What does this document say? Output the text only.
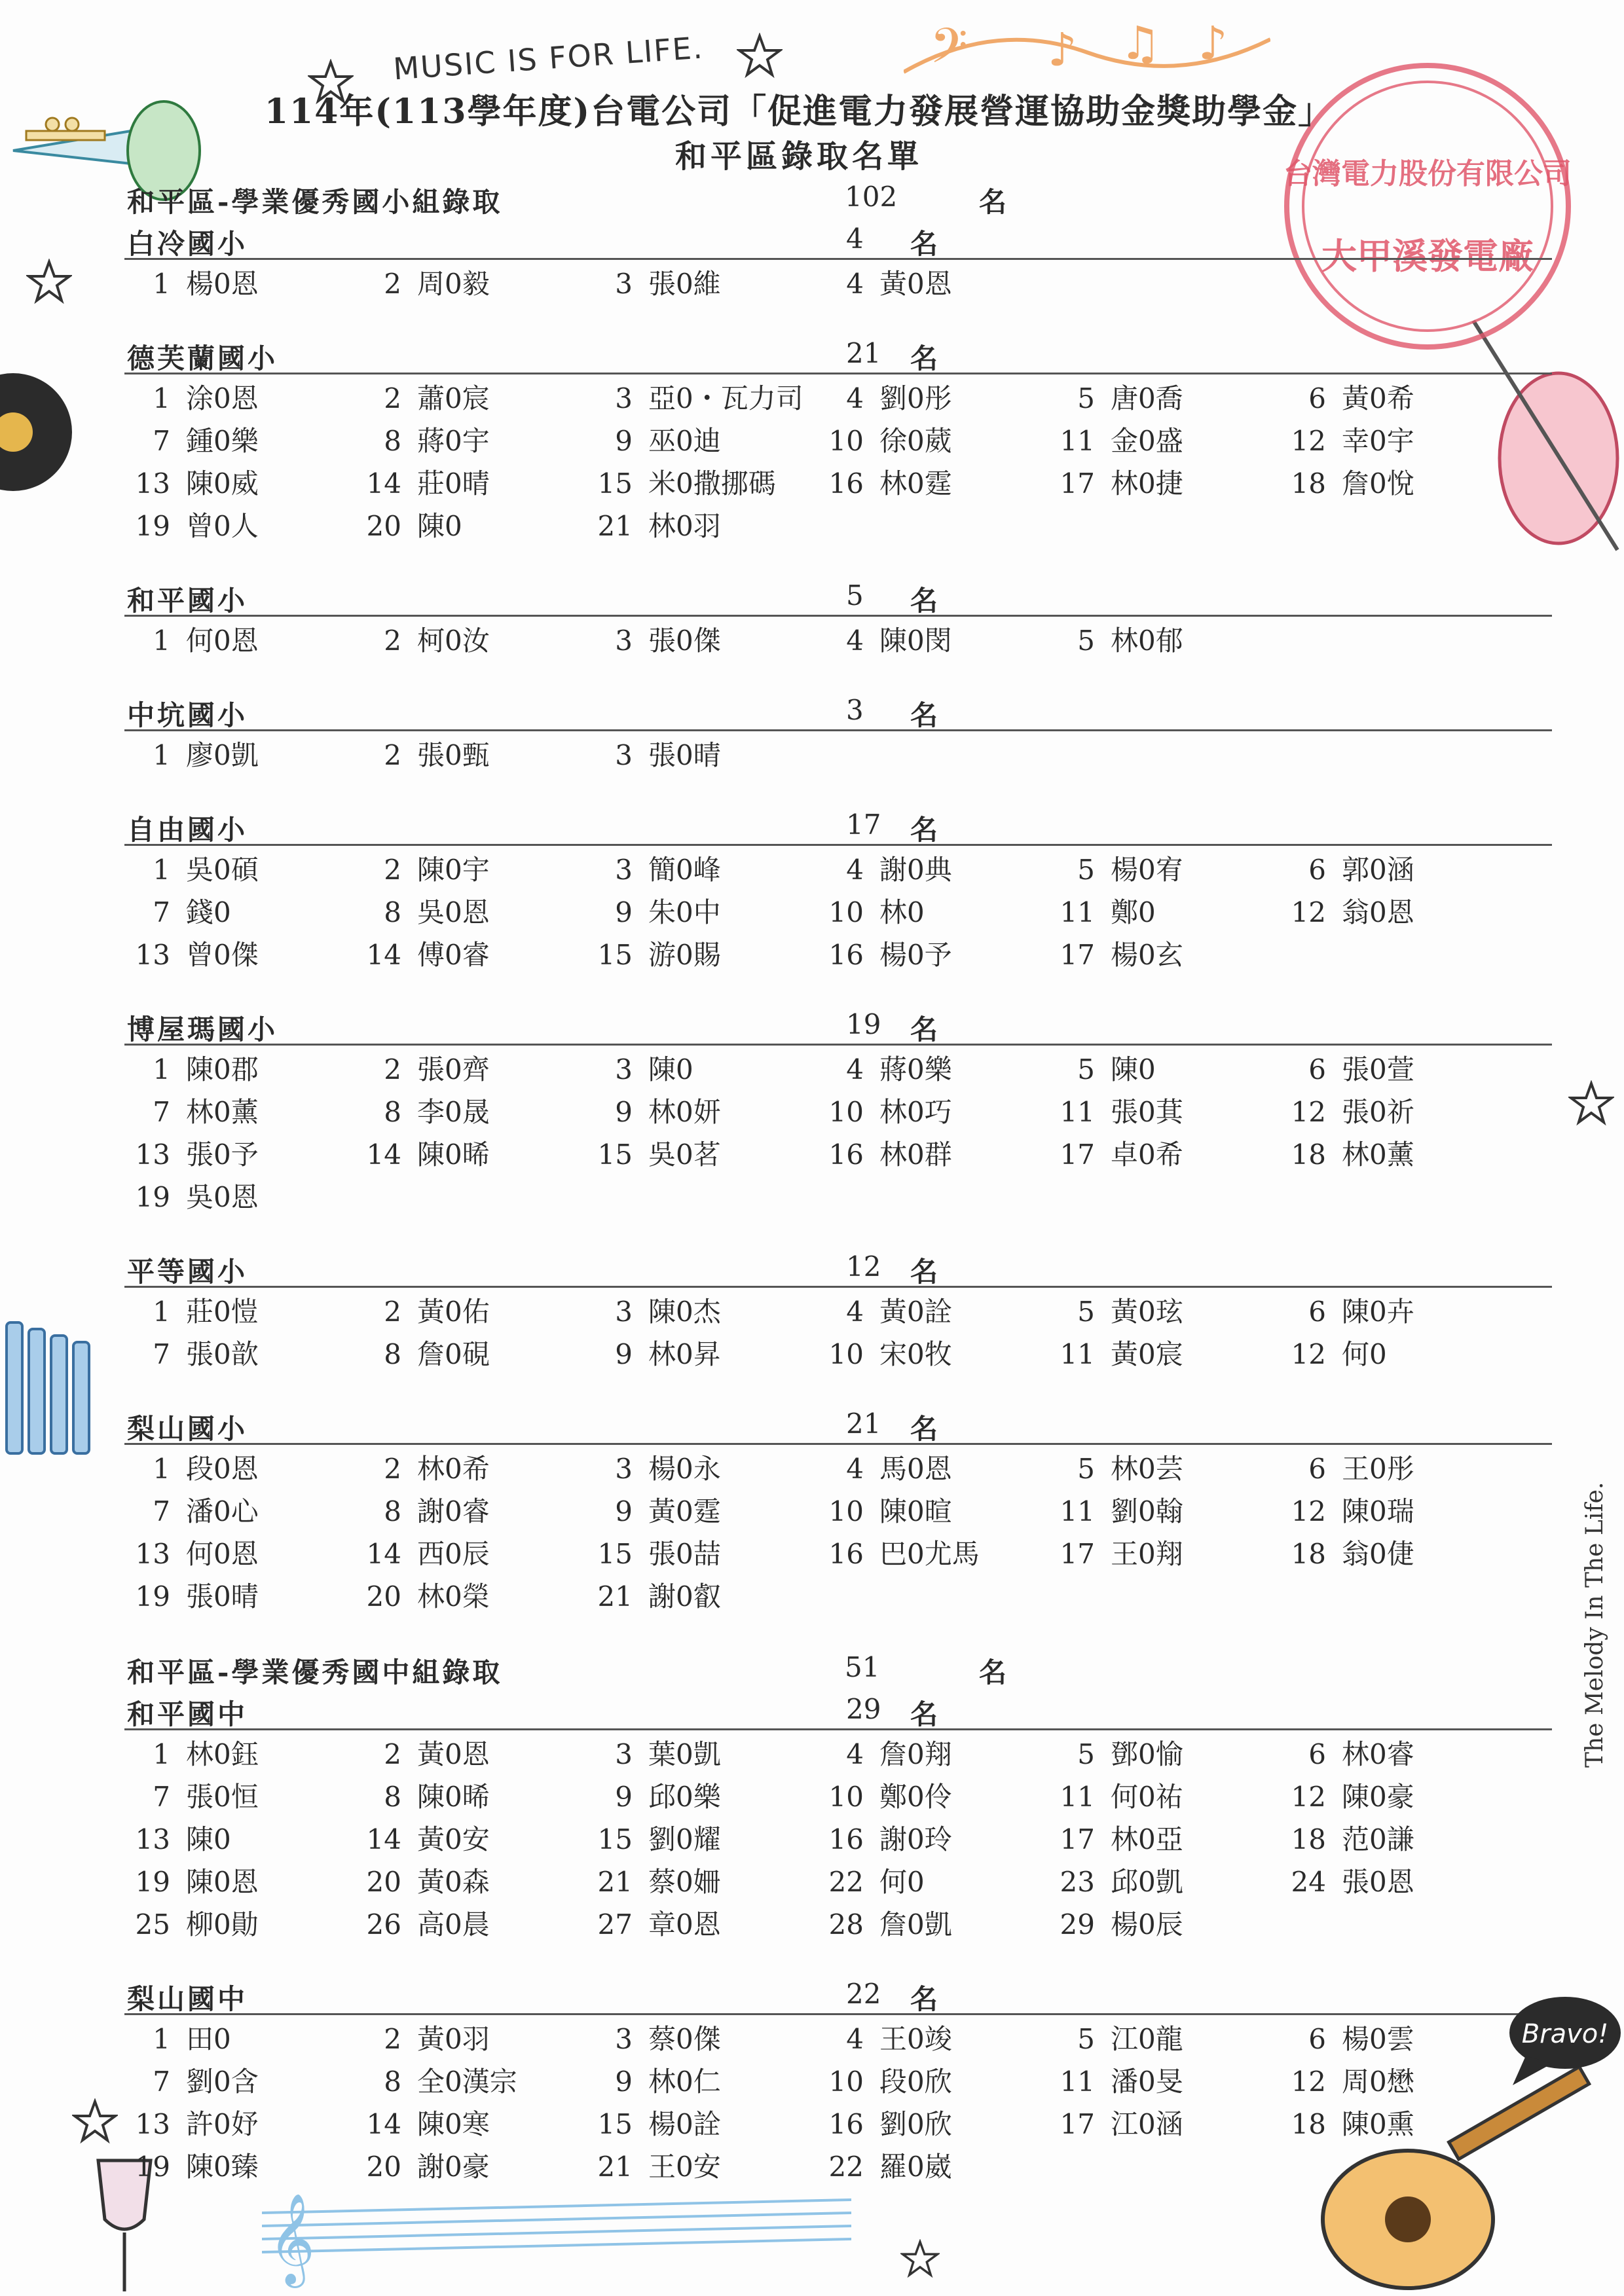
𝄢 ♪ ♫ ♪
𝄞
台灣電力股份有限公司
大甲溪發電廠
MUSIC IS FOR LIFE.
114年(113學年度)台電公司「促進電力發展營運協助金獎助學金」
和平區錄取名單
和平區-學業優秀國小組錄取	102	名
白冷國小	4 名
1 楊0恩	2 周0毅	3 張0維	4 黃0恩
德芙蘭國小	21 名
1 涂0恩	2 蕭0宸	3 亞0・瓦力司	4 劉0彤	5 唐0喬	6 黃0希
7 鍾0樂	8 蔣0宇	9 巫0迪	10 徐0葳	11 金0盛	12 幸0宇
13 陳0威	14 莊0晴	15 米0撒挪碼	16 林0霆	17 林0捷	18 詹0悅
19 曾0人	20 陳0	21 林0羽
和平國小	5 名
1 何0恩	2 柯0汝	3 張0傑	4 陳0閔	5 林0郁
中坑國小	3 名
1 廖0凱	2 張0甄	3 張0晴
自由國小	17 名
1 吳0碩	2 陳0宇	3 簡0峰	4 謝0典	5 楊0宥	6 郭0涵
7 錢0	8 吳0恩	9 朱0中	10 林0	11 鄭0	12 翁0恩
13 曾0傑	14 傅0睿	15 游0賜	16 楊0予	17 楊0玄
博屋瑪國小	19 名
1 陳0郡	2 張0齊	3 陳0	4 蔣0樂	5 陳0	6 張0萱
7 林0薰	8 李0晟	9 林0妍	10 林0巧	11 張0萁	12 張0祈
13 張0予	14 陳0晞	15 吳0茗	16 林0群	17 卓0希	18 林0薰
19 吳0恩
平等國小	12 名
1 莊0愷	2 黃0佑	3 陳0杰	4 黃0詮	5 黃0玹	6 陳0卉
7 張0歆	8 詹0硯	9 林0昇	10 宋0牧	11 黃0宸	12 何0
梨山國小	21 名
1 段0恩	2 林0希	3 楊0永	4 馬0恩	5 林0芸	6 王0彤
7 潘0心	8 謝0睿	9 黃0霆	10 陳0暄	11 劉0翰	12 陳0瑞
13 何0恩	14 西0辰	15 張0喆	16 巴0尤馬	17 王0翔	18 翁0倢
19 張0晴	20 林0榮	21 謝0叡
和平區-學業優秀國中組錄取	51	名
和平國中	29 名
1 林0鈺	2 黃0恩	3 葉0凱	4 詹0翔	5 鄧0愉	6 林0睿
7 張0恒	8 陳0晞	9 邱0樂	10 鄭0伶	11 何0祐	12 陳0豪
13 陳0	14 黃0安	15 劉0耀	16 謝0玲	17 林0亞	18 范0謙
19 陳0恩	20 黃0森	21 蔡0姍	22 何0	23 邱0凱	24 張0恩
25 柳0勛	26 高0晨	27 章0恩	28 詹0凱	29 楊0辰
梨山國中	22 名
1 田0	2 黃0羽	3 蔡0傑	4 王0竣	5 江0龍	6 楊0雲
7 劉0含	8 全0漢宗	9 林0仁	10 段0欣	11 潘0旻	12 周0懋
13 許0妤	14 陳0寒	15 楊0詮	16 劉0欣	17 江0涵	18 陳0熏
19 陳0臻	20 謝0豪	21 王0安	22 羅0崴
The Melody In The Life.
Bravo!
